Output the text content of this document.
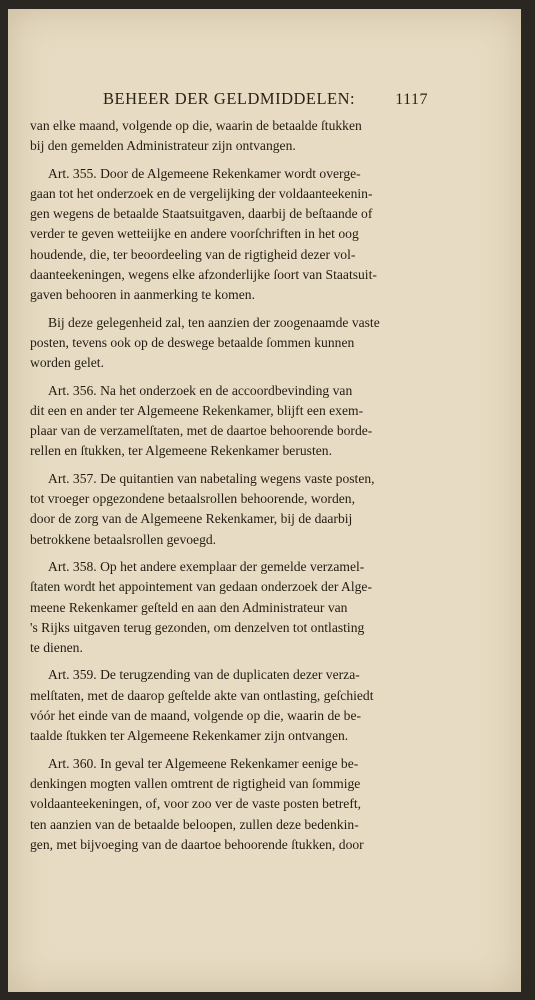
BEHEER DER GELDMIDDELEN:	1117

van elke maand, volgende op die, waarin de betaalde ſtukken
bij den gemelden Administrateur zijn ontvangen.

Art. 355. Door de Algemeene Rekenkamer wordt overge-
gaan tot het onderzoek en de vergelijking der voldaanteekenin-
gen wegens de betaalde Staatsuitgaven, daarbij de beſtaande of
verder te geven wetteiijke en andere voorſchriften in het oog
houdende, die, ter beoordeeling van de rigtigheid dezer vol-
daanteekeningen, wegens elke afzonderlijke ſoort van Staatsuit-
gaven behooren in aanmerking te komen.

Bij deze gelegenheid zal, ten aanzien der zoogenaamde vaste
posten, tevens ook op de deswege betaalde ſommen kunnen
worden gelet.

Art. 356. Na het onderzoek en de accoordbevinding van
dit een en ander ter Algemeene Rekenkamer, blijft een exem-
plaar van de verzamelſtaten, met de daartoe behoorende borde-
rellen en ſtukken, ter Algemeene Rekenkamer berusten.

Art. 357. De quitantien van nabetaling wegens vaste posten,
tot vroeger opgezondene betaalsrollen behoorende, worden,
door de zorg van de Algemeene Rekenkamer, bij de daarbij
betrokkene betaalsrollen gevoegd.

Art. 358. Op het andere exemplaar der gemelde verzamel-
ſtaten wordt het appointement van gedaan onderzoek der Alge-
meene Rekenkamer geſteld en aan den Administrateur van
's Rijks uitgaven terug gezonden, om denzelven tot ontlasting
te dienen.

Art. 359. De terugzending van de duplicaten dezer verza-
melſtaten, met de daarop geſtelde akte van ontlasting, geſchiedt
vóór het einde van de maand, volgende op die, waarin de be-
taalde ſtukken ter Algemeene Rekenkamer zijn ontvangen.

Art. 360. In geval ter Algemeene Rekenkamer eenige be-
denkingen mogten vallen omtrent de rigtigheid van ſommige
voldaanteekeningen, of, voor zoo ver de vaste posten betreft,
ten aanzien van de betaalde beloopen, zullen deze bedenkin-
gen, met bijvoeging van de daartoe behoorende ſtukken, door
